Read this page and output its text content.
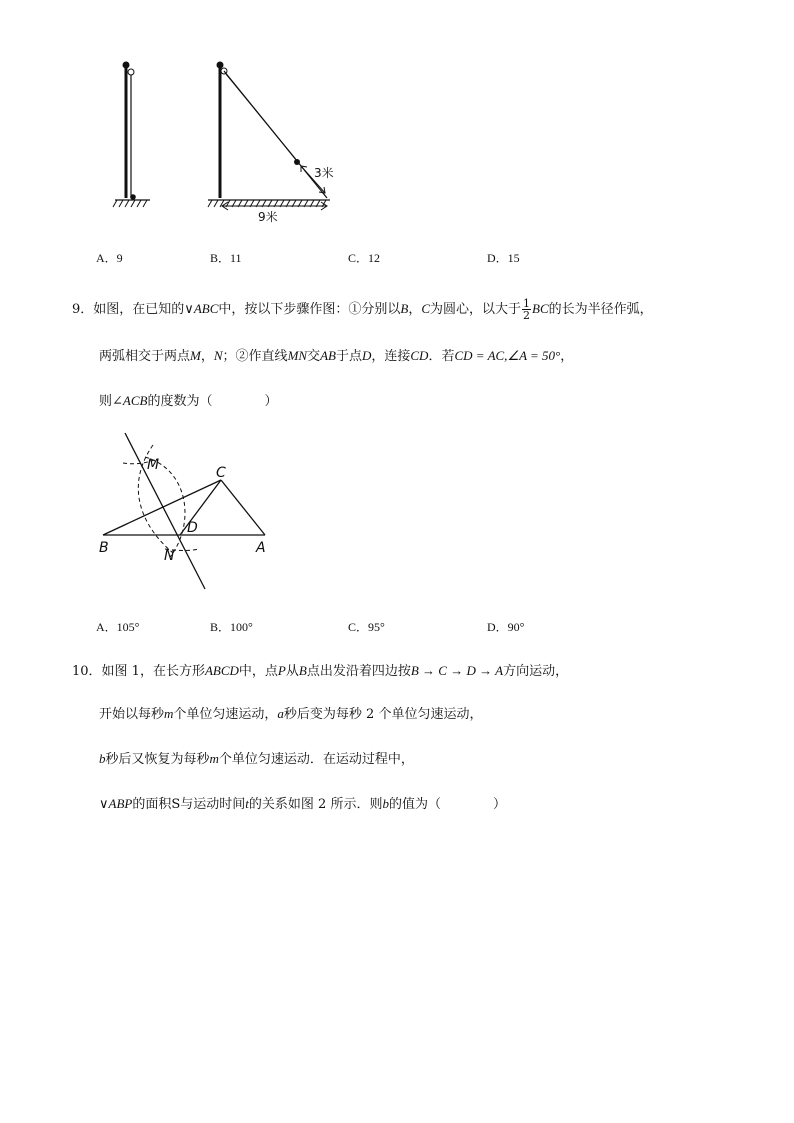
3米
9米
A．9	B．11	C．12	D．15
9．如图，在已知的∨ABC中，按以下步骤作图：①分别以B，C为圆心，以大于 $\frac{1}{2}$ BC的长为半径作弧，
两弧相交于两点M，N；②作直线MN交AB于点D，连接CD．若CD = AC,∠A = 50°，
则∠ACB的度数为（　　　　）
M	C
D
B	N	A
A．105°	B．100°	C．95°	D．90°
10．如图 1，在长方形ABCD中，点P从B点出发沿着四边按B → C → D → A方向运动，
开始以每秒m个单位匀速运动，a秒后变为每秒 2 个单位匀速运动，
b秒后又恢复为每秒m个单位匀速运动．在运动过程中，
∨ABP的面积S与运动时间t的关系如图 2 所示．则b的值为（　　　　）
